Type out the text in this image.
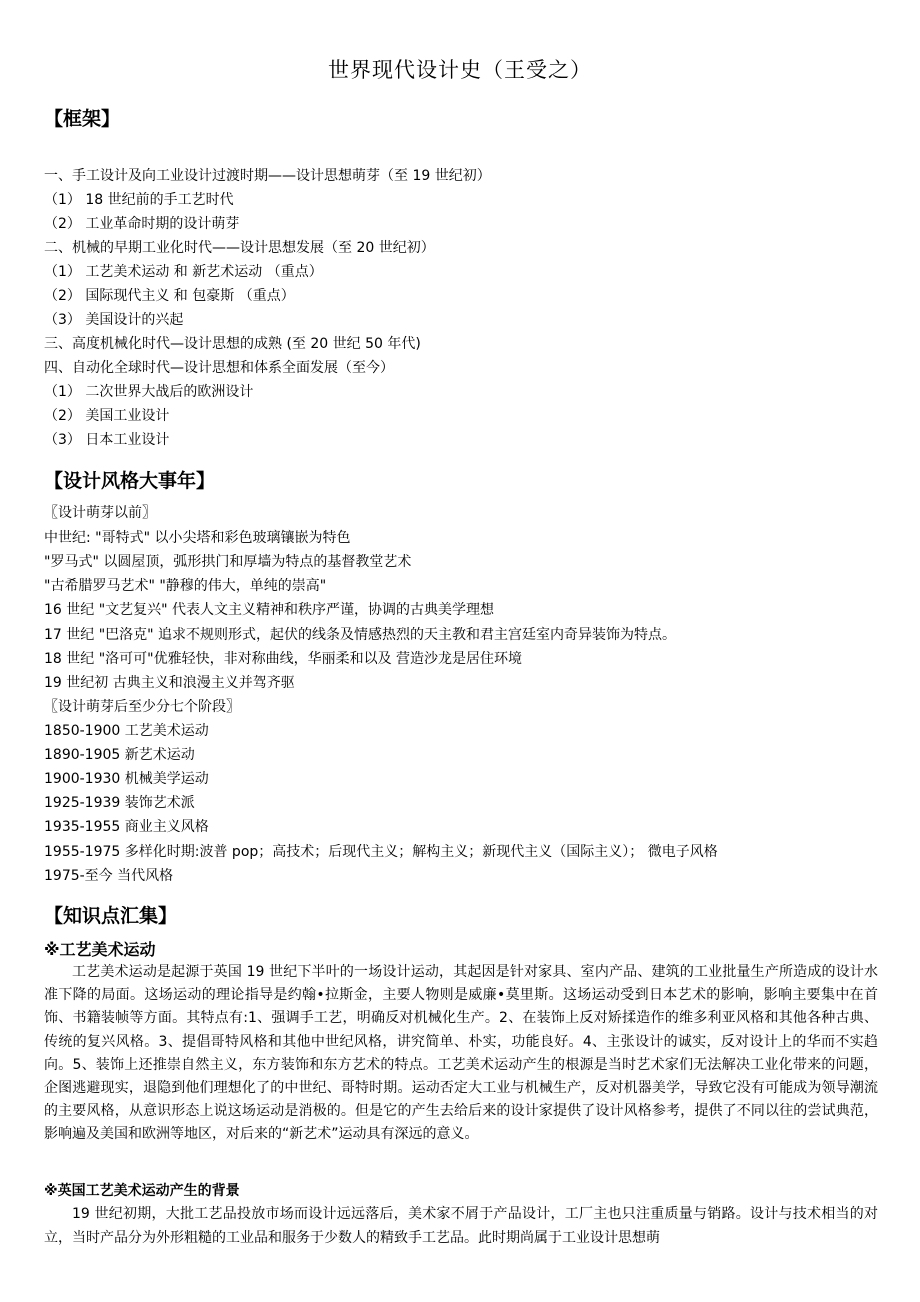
世界现代设计史（王受之）
【框架】
一、手工设计及向工业设计过渡时期——设计思想萌芽（至 19 世纪初）
（1） 18 世纪前的手工艺时代
（2） 工业革命时期的设计萌芽
二、机械的早期工业化时代——设计思想发展（至 20 世纪初）
（1） 工艺美术运动 和 新艺术运动 （重点）
（2） 国际现代主义 和 包豪斯 （重点）
（3） 美国设计的兴起
三、高度机械化时代—设计思想的成熟 (至 20 世纪 50 年代)
四、自动化全球时代—设计思想和体系全面发展（至今）
（1） 二次世界大战后的欧洲设计
（2） 美国工业设计
（3） 日本工业设计
【设计风格大事年】
〖设计萌芽以前〗
中世纪: "哥特式" 以小尖塔和彩色玻璃镶嵌为特色
"罗马式" 以圆屋顶，弧形拱门和厚墙为特点的基督教堂艺术
"古希腊罗马艺术" "静穆的伟大，单纯的崇高"
16 世纪 "文艺复兴" 代表人文主义精神和秩序严谨，协调的古典美学理想
17 世纪 "巴洛克" 追求不规则形式，起伏的线条及情感热烈的天主教和君主宫廷室内奇异装饰为特点。
18 世纪 "洛可可"优雅轻快，非对称曲线，华丽柔和以及 营造沙龙是居住环境
19 世纪初 古典主义和浪漫主义并驾齐驱
〖设计萌芽后至少分七个阶段〗
1850-1900 工艺美术运动
1890-1905 新艺术运动
1900-1930 机械美学运动
1925-1939 装饰艺术派
1935-1955 商业主义风格
1955-1975 多样化时期:波普 pop；高技术；后现代主义；解构主义；新现代主义（国际主义）； 微电子风格
1975-至今 当代风格
【知识点汇集】
※工艺美术运动
工艺美术运动是起源于英国 19 世纪下半叶的一场设计运动，其起因是针对家具、室内产品、建筑的工业批量生产所造成的设计水准下降的局面。这场运动的理论指导是约翰•拉斯金，主要人物则是威廉•莫里斯。这场运动受到日本艺术的影响，影响主要集中在首饰、书籍装帧等方面。其特点有:1、强调手工艺，明确反对机械化生产。2、在装饰上反对矫揉造作的维多利亚风格和其他各种古典、传统的复兴风格。3、提倡哥特风格和其他中世纪风格，讲究简单、朴实，功能良好。4、主张设计的诚实，反对设计上的华而不实趋向。5、装饰上还推崇自然主义，东方装饰和东方艺术的特点。工艺美术运动产生的根源是当时艺术家们无法解决工业化带来的问题，企图逃避现实，退隐到他们理想化了的中世纪、哥特时期。运动否定大工业与机械生产，反对机器美学，导致它没有可能成为领导潮流的主要风格，从意识形态上说这场运动是消极的。但是它的产生去给后来的设计家提供了设计风格参考，提供了不同以往的尝试典范，影响遍及美国和欧洲等地区，对后来的“新艺术”运动具有深远的意义。
※英国工艺美术运动产生的背景
19 世纪初期，大批工艺品投放市场而设计远远落后，美术家不屑于产品设计，工厂主也只注重质量与销路。设计与技术相当的对立，当时产品分为外形粗糙的工业品和服务于少数人的精致手工艺品。此时期尚属于工业设计思想萌
